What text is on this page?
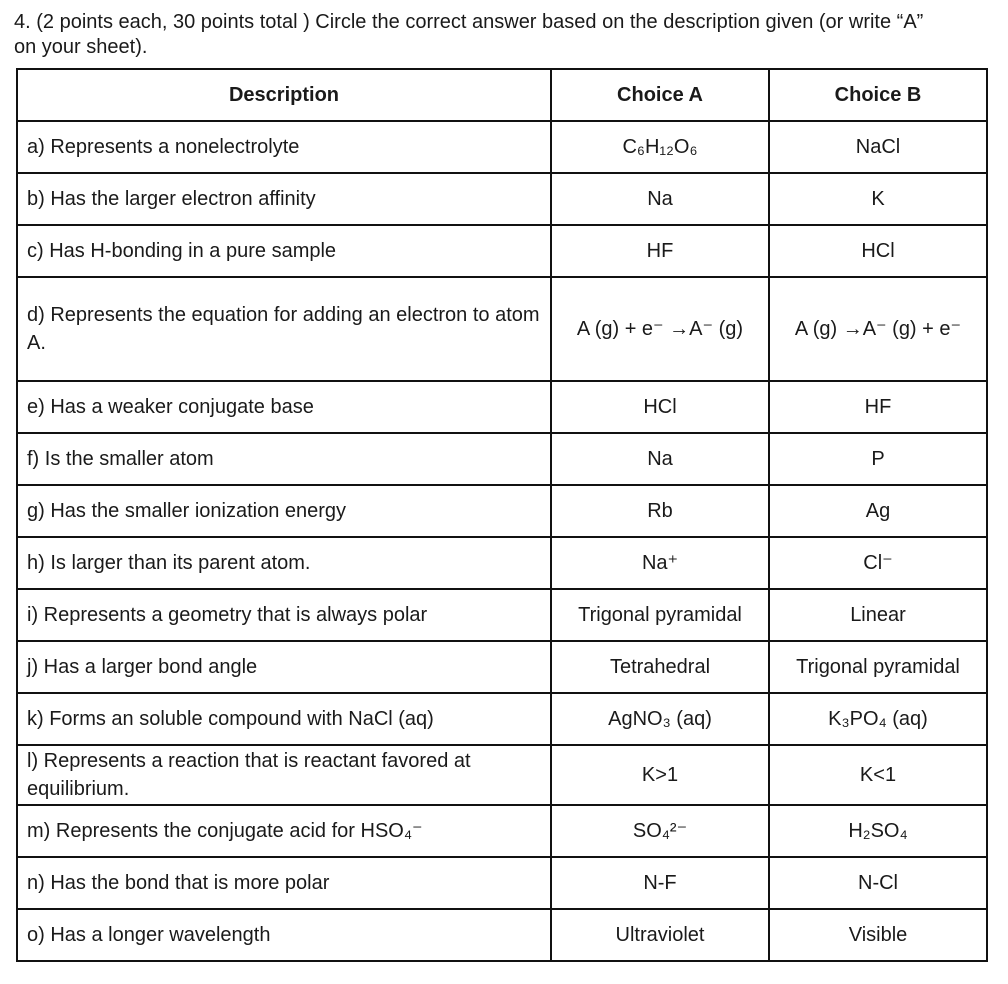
4. (2 points each, 30 points total ) Circle the correct answer based on the description given (or write “A”
on your sheet).
Description	Choice A	Choice B
a) Represents a nonelectrolyte	C₆H₁₂O₆	NaCl
b) Has the larger electron affinity	Na	K
c) Has H-bonding in a pure sample	HF	HCl
d) Represents the equation for adding an electron to atom A.	A (g) + e⁻ →A⁻ (g)	A (g) →A⁻ (g) + e⁻
e) Has a weaker conjugate base	HCl	HF
f) Is the smaller atom	Na	P
g) Has the smaller ionization energy	Rb	Ag
h) Is larger than its parent atom.	Na⁺	Cl⁻
i) Represents a geometry that is always polar	Trigonal pyramidal	Linear
j) Has a larger bond angle	Tetrahedral	Trigonal pyramidal
k) Forms an soluble compound with NaCl (aq)	AgNO₃ (aq)	K₃PO₄ (aq)
l) Represents a reaction that is reactant favored at equilibrium.	K>1	K<1
m) Represents the conjugate acid for HSO₄⁻	SO₄²⁻	H₂SO₄
n) Has the bond that is more polar	N-F	N-Cl
o) Has a longer wavelength	Ultraviolet	Visible
